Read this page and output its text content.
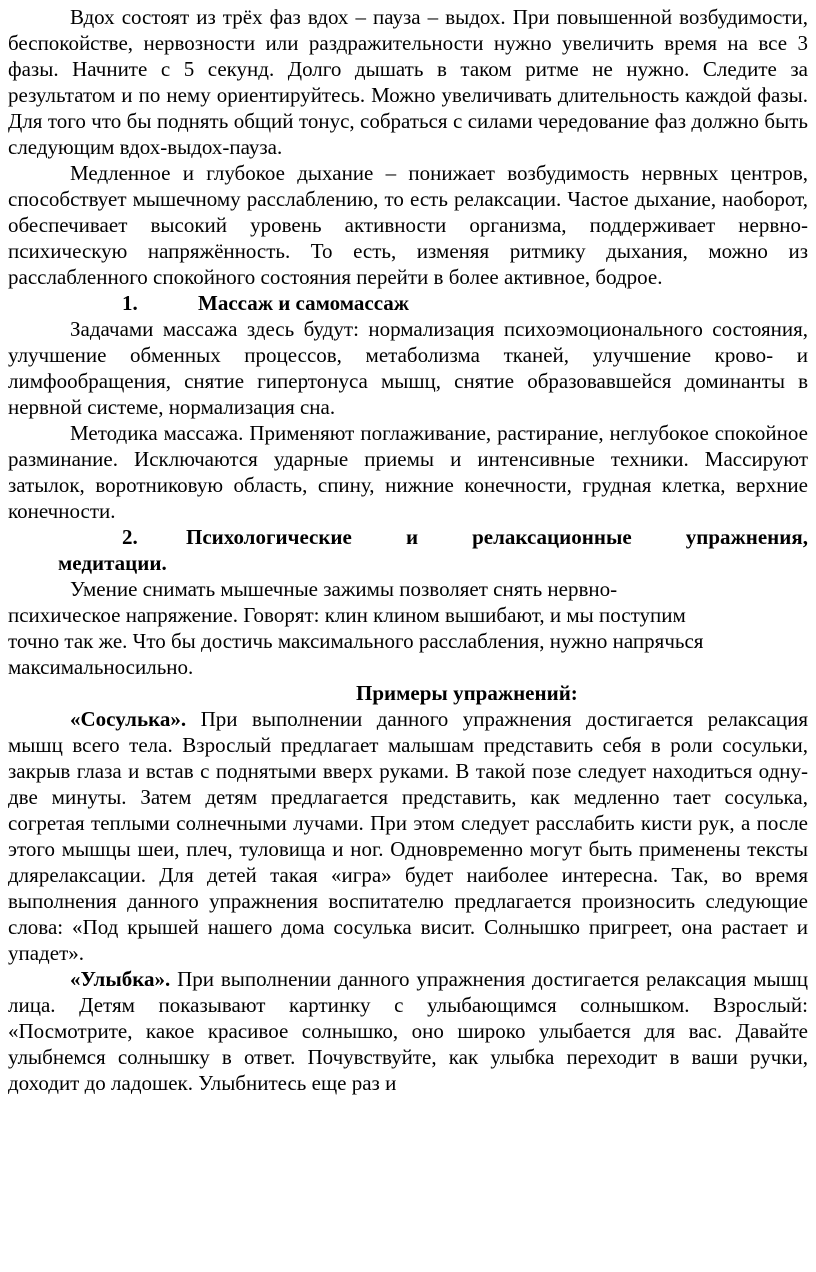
Вдох состоят из трёх фаз вдох – пауза – выдох. При повышенной возбудимости, беспокойстве, нервозности или раздражительности нужно увеличить время на все 3 фазы. Начните с 5 секунд. Долго дышать в таком ритме не нужно. Следите за результатом и по нему ориентируйтесь. Можно увеличивать длительность каждой фазы. Для того что бы поднять общий тонус, собраться с силами чередование фаз должно быть следующим вдох-выдох-пауза.

Медленное и глубокое дыхание – понижает возбудимость нервных центров, способствует мышечному расслаблению, то есть релаксации. Частое дыхание, наоборот, обеспечивает высокий уровень активности организма, поддерживает нервно-психическую напряжённость. То есть, изменяя ритмику дыхания, можно из расслабленного спокойного состояния перейти в более активное, бодрое.

1.	Массаж и самомассаж

Задачами массажа здесь будут: нормализация психоэмоционального состояния, улучшение обменных процессов, метаболизма тканей, улучшение крово- и лимфообращения, снятие гипертонуса мышц, снятие образовавшейся доминанты в нервной системе, нормализация сна.

Методика массажа. Применяют поглаживание, растирание, неглубокое спокойное разминание. Исключаются ударные приемы и интенсивные техники. Массируют затылок, воротниковую область, спину, нижние конечности, грудная клетка, верхние конечности.

2. Психологические и релаксационные упражнения,
медитации.

Умение снимать мышечные зажимы позволяет снять нервно-психическое напряжение. Говорят: клин клином вышибают, и мы поступим точно так же. Что бы достичь максимального расслабления, нужно напрячься максимальносильно.

Примеры упражнений:

«Сосулька». При выполнении данного упражнения достигается релаксация мышц всего тела. Взрослый предлагает малышам представить себя в роли сосульки, закрыв глаза и встав с поднятыми вверх руками. В такой позе следует находиться одну-две минуты. Затем детям предлагается представить, как медленно тает сосулька, согретая теплыми солнечными лучами. При этом следует расслабить кисти рук, а после этого мышцы шеи, плеч, туловища и ног. Одновременно могут быть применены тексты длярелаксации. Для детей такая «игра» будет наиболее интересна. Так, во время выполнения данного упражнения воспитателю предлагается произносить следующие слова: «Под крышей нашего дома сосулька висит. Солнышко пригреет, она растает и упадет».

«Улыбка». При выполнении данного упражнения достигается релаксация мышц лица. Детям показывают картинку с улыбающимся солнышком. Взрослый: «Посмотрите, какое красивое солнышко, оно широко улыбается для вас. Давайте улыбнемся солнышку в ответ. Почувствуйте, как улыбка переходит в ваши ручки, доходит до ладошек. Улыбнитесь еще раз и
